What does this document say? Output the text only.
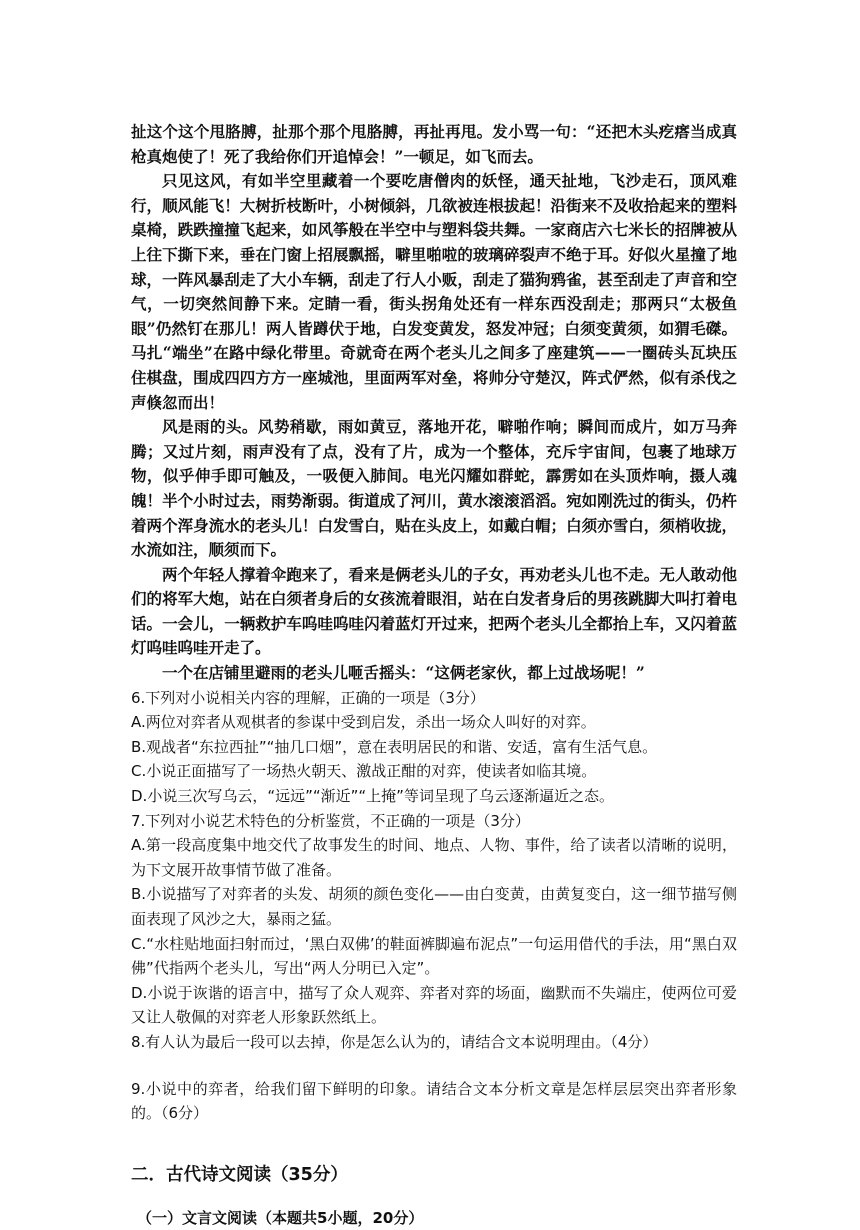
扯这个这个甩胳膊，扯那个那个甩胳膊，再扯再甩。发小骂一句：“还把木头疙瘩当成真枪真炮使了！死了我给你们开追悼会！”一顿足，如飞而去。

只见这风，有如半空里藏着一个要吃唐僧肉的妖怪，通天扯地，飞沙走石，顶风难行，顺风能飞！大树折枝断叶，小树倾斜，几欲被连根拔起！沿街来不及收拾起来的塑料桌椅，跌跌撞撞飞起来，如风筝般在半空中与塑料袋共舞。一家商店六七米长的招牌被从上往下撕下来，垂在门窗上招展飘摇，噼里啪啦的玻璃碎裂声不绝于耳。好似火星撞了地球，一阵风暴刮走了大小车辆，刮走了行人小贩，刮走了猫狗鸦雀，甚至刮走了声音和空气，一切突然间静下来。定睛一看，街头拐角处还有一样东西没刮走；那两只“太极鱼眼”仍然钉在那儿！两人皆蹲伏于地，白发变黄发，怒发冲冠；白须变黄须，如猬毛磔。马扎“端坐”在路中绿化带里。奇就奇在两个老头儿之间多了座建筑——一圈砖头瓦块压住棋盘，围成四四方方一座城池，里面两军对垒，将帅分守楚汉，阵式俨然，似有杀伐之声倏忽而出！

风是雨的头。风势稍歇，雨如黄豆，落地开花，噼啪作响；瞬间而成片，如万马奔腾；又过片刻，雨声没有了点，没有了片，成为一个整体，充斥宇宙间，包裹了地球万物，似乎伸手即可触及，一吸便入肺间。电光闪耀如群蛇，霹雳如在头顶炸响，摄人魂魄！半个小时过去，雨势渐弱。街道成了河川，黄水滚滚滔滔。宛如刚洗过的街头，仍杵着两个浑身流水的老头儿！白发雪白，贴在头皮上，如戴白帽；白须亦雪白，须梢收拢，水流如注，顺须而下。

两个年轻人撑着伞跑来了，看来是俩老头儿的子女，再劝老头儿也不走。无人敢动他们的将军大炮，站在白须者身后的女孩流着眼泪，站在白发者身后的男孩跳脚大叫打着电话。一会儿，一辆救护车呜哇呜哇闪着蓝灯开过来，把两个老头儿全都抬上车，又闪着蓝灯呜哇呜哇开走了。

一个在店铺里避雨的老头儿咂舌摇头：“这俩老家伙，都上过战场呢！”

6.下列对小说相关内容的理解，正确的一项是（3分）

A.两位对弈者从观棋者的参谋中受到启发，杀出一场众人叫好的对弈。

B.观战者“东拉西扯”“抽几口烟”，意在表明居民的和谐、安适，富有生活气息。

C.小说正面描写了一场热火朝天、激战正酣的对弈，使读者如临其境。

D.小说三次写乌云，“远远”“渐近”“上掩”等词呈现了乌云逐渐逼近之态。

7.下列对小说艺术特色的分析鉴赏，不正确的一项是（3分）

A.第一段高度集中地交代了故事发生的时间、地点、人物、事件，给了读者以清晰的说明，为下文展开故事情节做了准备。

B.小说描写了对弈者的头发、胡须的颜色变化——由白变黄，由黄复变白，这一细节描写侧面表现了风沙之大，暴雨之猛。

C.“水柱贴地面扫射而过，‘黑白双佛’的鞋面裤脚遍布泥点”一句运用借代的手法，用“黑白双佛”代指两个老头儿，写出“两人分明已入定”。

D.小说于诙谐的语言中，描写了众人观弈、弈者对弈的场面，幽默而不失端庄，使两位可爱又让人敬佩的对弈老人形象跃然纸上。

8.有人认为最后一段可以去掉，你是怎么认为的，请结合文本说明理由。（4分）

9.小说中的弈者，给我们留下鲜明的印象。请结合文本分析文章是怎样层层突出弈者形象的。（6分）

二．古代诗文阅读（35分）

（一）文言文阅读（本题共5小题，20分）
